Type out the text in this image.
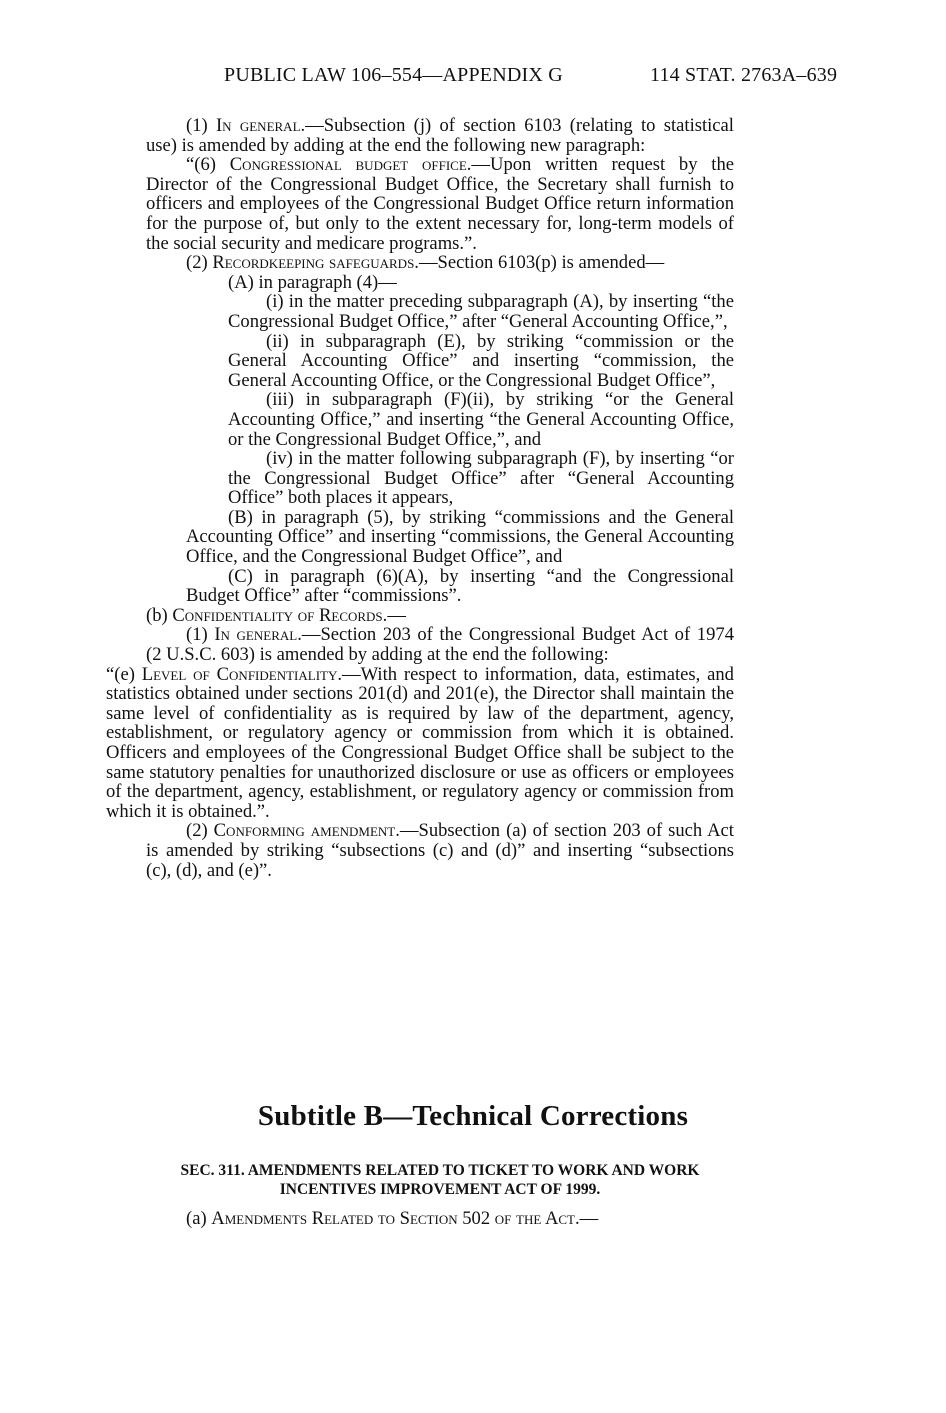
PUBLIC LAW 106–554—APPENDIX G	114 STAT. 2763A–639
(1) In general.—Subsection (j) of section 6103 (relating to statistical use) is amended by adding at the end the following new paragraph:
“(6) Congressional budget office.—Upon written request by the Director of the Congressional Budget Office, the Secretary shall furnish to officers and employees of the Congressional Budget Office return information for the purpose of, but only to the extent necessary for, long-term models of the social security and medicare programs.”.
(2) Recordkeeping safeguards.—Section 6103(p) is amended—
(A) in paragraph (4)—
(i) in the matter preceding subparagraph (A), by inserting “the Congressional Budget Office,” after “General Accounting Office,”,
(ii) in subparagraph (E), by striking “commission or the General Accounting Office” and inserting “commission, the General Accounting Office, or the Congressional Budget Office”,
(iii) in subparagraph (F)(ii), by striking “or the General Accounting Office,” and inserting “the General Accounting Office, or the Congressional Budget Office,”, and
(iv) in the matter following subparagraph (F), by inserting “or the Congressional Budget Office” after “General Accounting Office” both places it appears,
(B) in paragraph (5), by striking “commissions and the General Accounting Office” and inserting “commissions, the General Accounting Office, and the Congressional Budget Office”, and
(C) in paragraph (6)(A), by inserting “and the Congressional Budget Office” after “commissions”.
(b) Confidentiality of Records.—
(1) In general.—Section 203 of the Congressional Budget Act of 1974 (2 U.S.C. 603) is amended by adding at the end the following:
“(e) Level of Confidentiality.—With respect to information, data, estimates, and statistics obtained under sections 201(d) and 201(e), the Director shall maintain the same level of confidentiality as is required by law of the department, agency, establishment, or regulatory agency or commission from which it is obtained. Officers and employees of the Congressional Budget Office shall be subject to the same statutory penalties for unauthorized disclosure or use as officers or employees of the department, agency, establishment, or regulatory agency or commission from which it is obtained.”.
(2) Conforming amendment.—Subsection (a) of section 203 of such Act is amended by striking “subsections (c) and (d)” and inserting “subsections (c), (d), and (e)”.
Subtitle B—Technical Corrections
SEC. 311. AMENDMENTS RELATED TO TICKET TO WORK AND WORK
INCENTIVES IMPROVEMENT ACT OF 1999.
(a) Amendments Related to Section 502 of the Act.—
